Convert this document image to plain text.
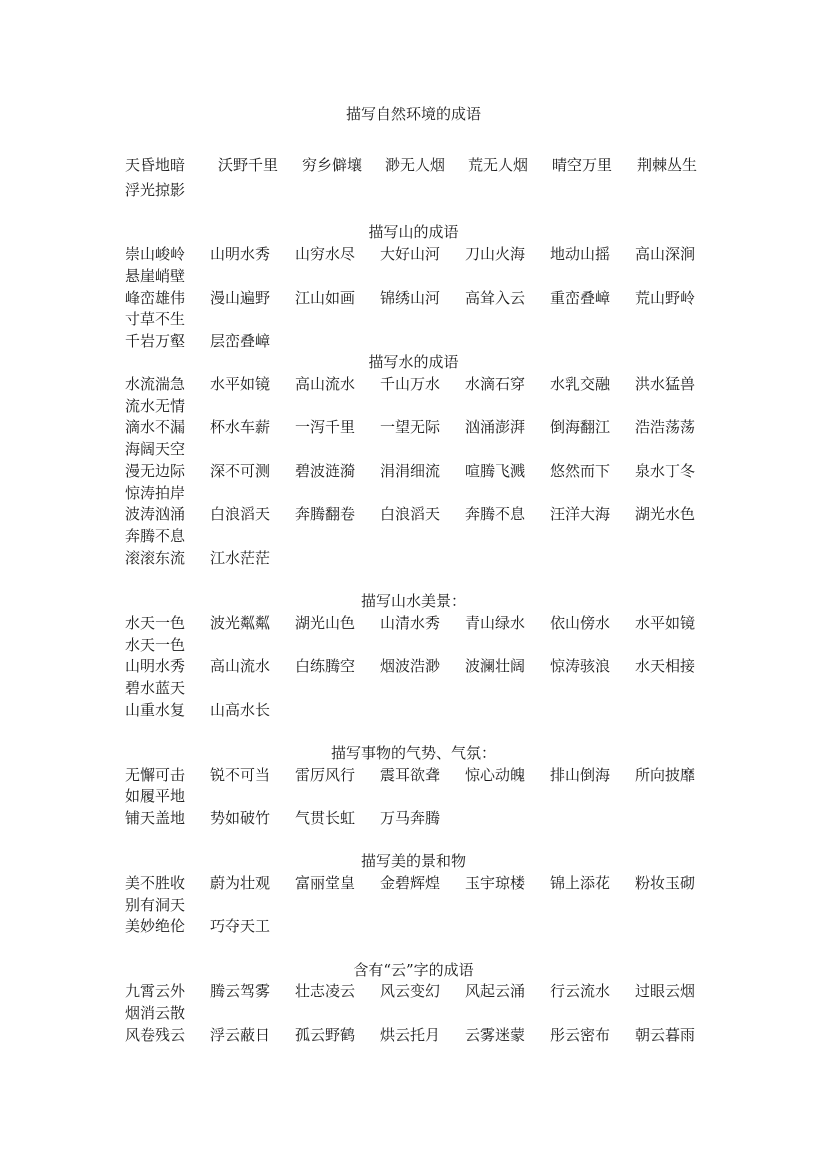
描写自然环境的成语
天昏地暗 沃野千里 穷乡僻壤 渺无人烟 荒无人烟 晴空万里 荆棘丛生
浮光掠影
描写山的成语
崇山峻岭 山明水秀 山穷水尽 大好山河 刀山火海 地动山摇 高山深涧
悬崖峭壁
峰峦雄伟 漫山遍野 江山如画 锦绣山河 高耸入云 重峦叠嶂 荒山野岭
寸草不生
千岩万壑 层峦叠嶂
描写水的成语
水流湍急 水平如镜 高山流水 千山万水 水滴石穿 水乳交融 洪水猛兽
流水无情
滴水不漏 杯水车薪 一泻千里 一望无际 汹涌澎湃 倒海翻江 浩浩荡荡
海阔天空
漫无边际 深不可测 碧波涟漪 涓涓细流 喧腾飞溅 悠然而下 泉水丁冬
惊涛拍岸
波涛汹涌 白浪滔天 奔腾翻卷 白浪滔天 奔腾不息 汪洋大海 湖光水色
奔腾不息
滚滚东流 江水茫茫
描写山水美景：
水天一色 波光粼粼 湖光山色 山清水秀 青山绿水 依山傍水 水平如镜
水天一色
山明水秀 高山流水 白练腾空 烟波浩渺 波澜壮阔 惊涛骇浪 水天相接
碧水蓝天
山重水复 山高水长
描写事物的气势、气氛：
无懈可击 锐不可当 雷厉风行 震耳欲聋 惊心动魄 排山倒海 所向披靡
如履平地
铺天盖地 势如破竹 气贯长虹 万马奔腾
描写美的景和物
美不胜收 蔚为壮观 富丽堂皇 金碧辉煌 玉宇琼楼 锦上添花 粉妆玉砌
别有洞天
美妙绝伦 巧夺天工
含有“云”字的成语
九霄云外 腾云驾雾 壮志凌云 风云变幻 风起云涌 行云流水 过眼云烟
烟消云散
风卷残云 浮云蔽日 孤云野鹤 烘云托月 云雾迷蒙 彤云密布 朝云暮雨
